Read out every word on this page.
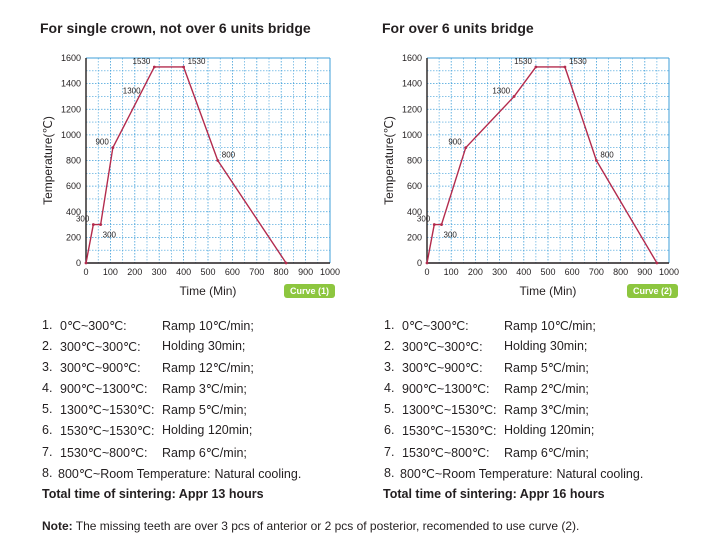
For single crown, not over 6 units bridge
0 100 200 300 400 500 600 700 800 900 1000
0
200
400
600
800
1000
1200
1400
1600
Time (Min)
Temperature(℃)
300
300
900
1300
1530	1530
800
Curve (1)
1. 0℃~300℃:	Ramp 10℃/min;
2. 300℃~300℃: Holding 30min;
3. 300℃~900℃: Ramp 12℃/min;
4. 900℃~1300℃: Ramp 3℃/min;
5. 1300℃~1530℃: Ramp 5℃/min;
6. 1530℃~1530℃: Holding 120min;
7. 1530℃~800℃: Ramp 6℃/min;
8. 800℃~Room Temperature: Natural cooling.
Total time of sintering: Appr 13 hours
For over 6 units bridge
0 100 200 300 400 500 600 700 800 900 1000
0
200
400
600
800
1000
1200
1400
1600
Time (Min)
Temperature(℃)
300
300
900
1300
1530	1530
800
Curve (2)
1. 0℃~300℃:	Ramp 10℃/min;
2. 300℃~300℃: Holding 30min;
3. 300℃~900℃: Ramp 5℃/min;
4. 900℃~1300℃: Ramp 2℃/min;
5. 1300℃~1530℃: Ramp 3℃/min;
6. 1530℃~1530℃: Holding 120min;
7. 1530℃~800℃: Ramp 6℃/min;
8. 800℃~Room Temperature: Natural cooling.
Total time of sintering: Appr 16 hours
Note: The missing teeth are over 3 pcs of anterior or 2 pcs of posterior, recomended to use curve (2).
